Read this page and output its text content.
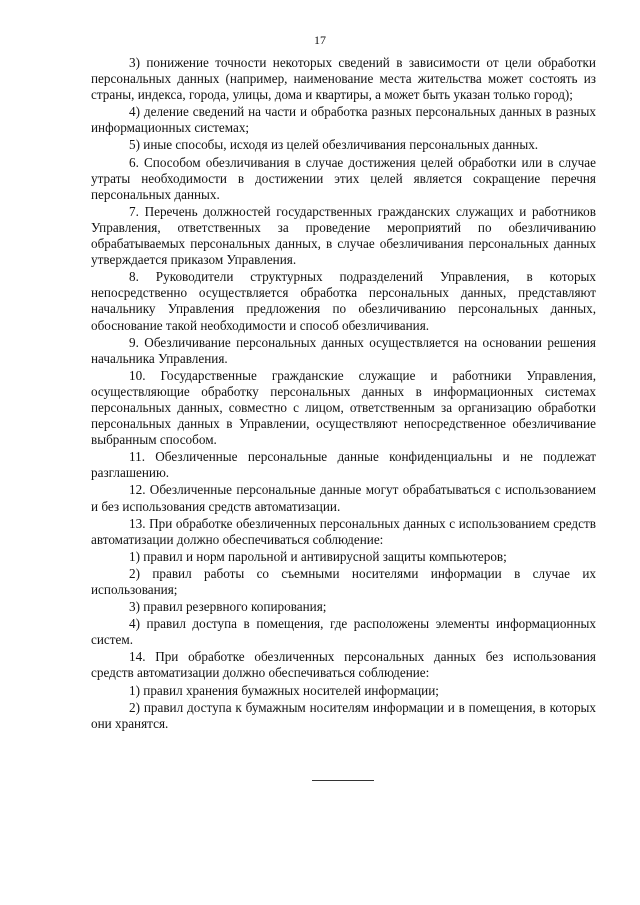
17

3) понижение точности некоторых сведений в зависимости от цели обработки персональных данных (например, наименование места жительства может состоять из страны, индекса, города, улицы, дома и квартиры, а может быть указан только город);

4) деление сведений на части и обработка разных персональных данных в разных информационных системах;

5) иные способы, исходя из целей обезличивания персональных данных.

6. Способом обезличивания в случае достижения целей обработки или в случае утраты необходимости в достижении этих целей является сокращение перечня персональных данных.

7. Перечень должностей государственных гражданских служащих и работников Управления, ответственных за проведение мероприятий по обезличиванию обрабатываемых персональных данных, в случае обезличивания персональных данных утверждается приказом Управления.

8. Руководители структурных подразделений Управления, в которых непосредственно осуществляется обработка персональных данных, представляют начальнику Управления предложения по обезличиванию персональных данных, обоснование такой необходимости и способ обезличивания.

9. Обезличивание персональных данных осуществляется на основании решения начальника Управления.

10. Государственные гражданские служащие и работники Управления, осуществляющие обработку персональных данных в информационных системах персональных данных, совместно с лицом, ответственным за организацию обработки персональных данных в Управлении, осуществляют непосредственное обезличивание выбранным способом.

11. Обезличенные персональные данные конфиденциальны и не подлежат разглашению.

12. Обезличенные персональные данные могут обрабатываться с использованием и без использования средств автоматизации.

13. При обработке обезличенных персональных данных с использованием средств автоматизации должно обеспечиваться соблюдение:

1) правил и норм парольной и антивирусной защиты компьютеров;

2) правил работы со съемными носителями информации в случае их использования;

3) правил резервного копирования;

4) правил доступа в помещения, где расположены элементы информационных систем.

14. При обработке обезличенных персональных данных без использования средств автоматизации должно обеспечиваться соблюдение:

1) правил хранения бумажных носителей информации;

2) правил доступа к бумажным носителям информации и в помещения, в которых они хранятся.
